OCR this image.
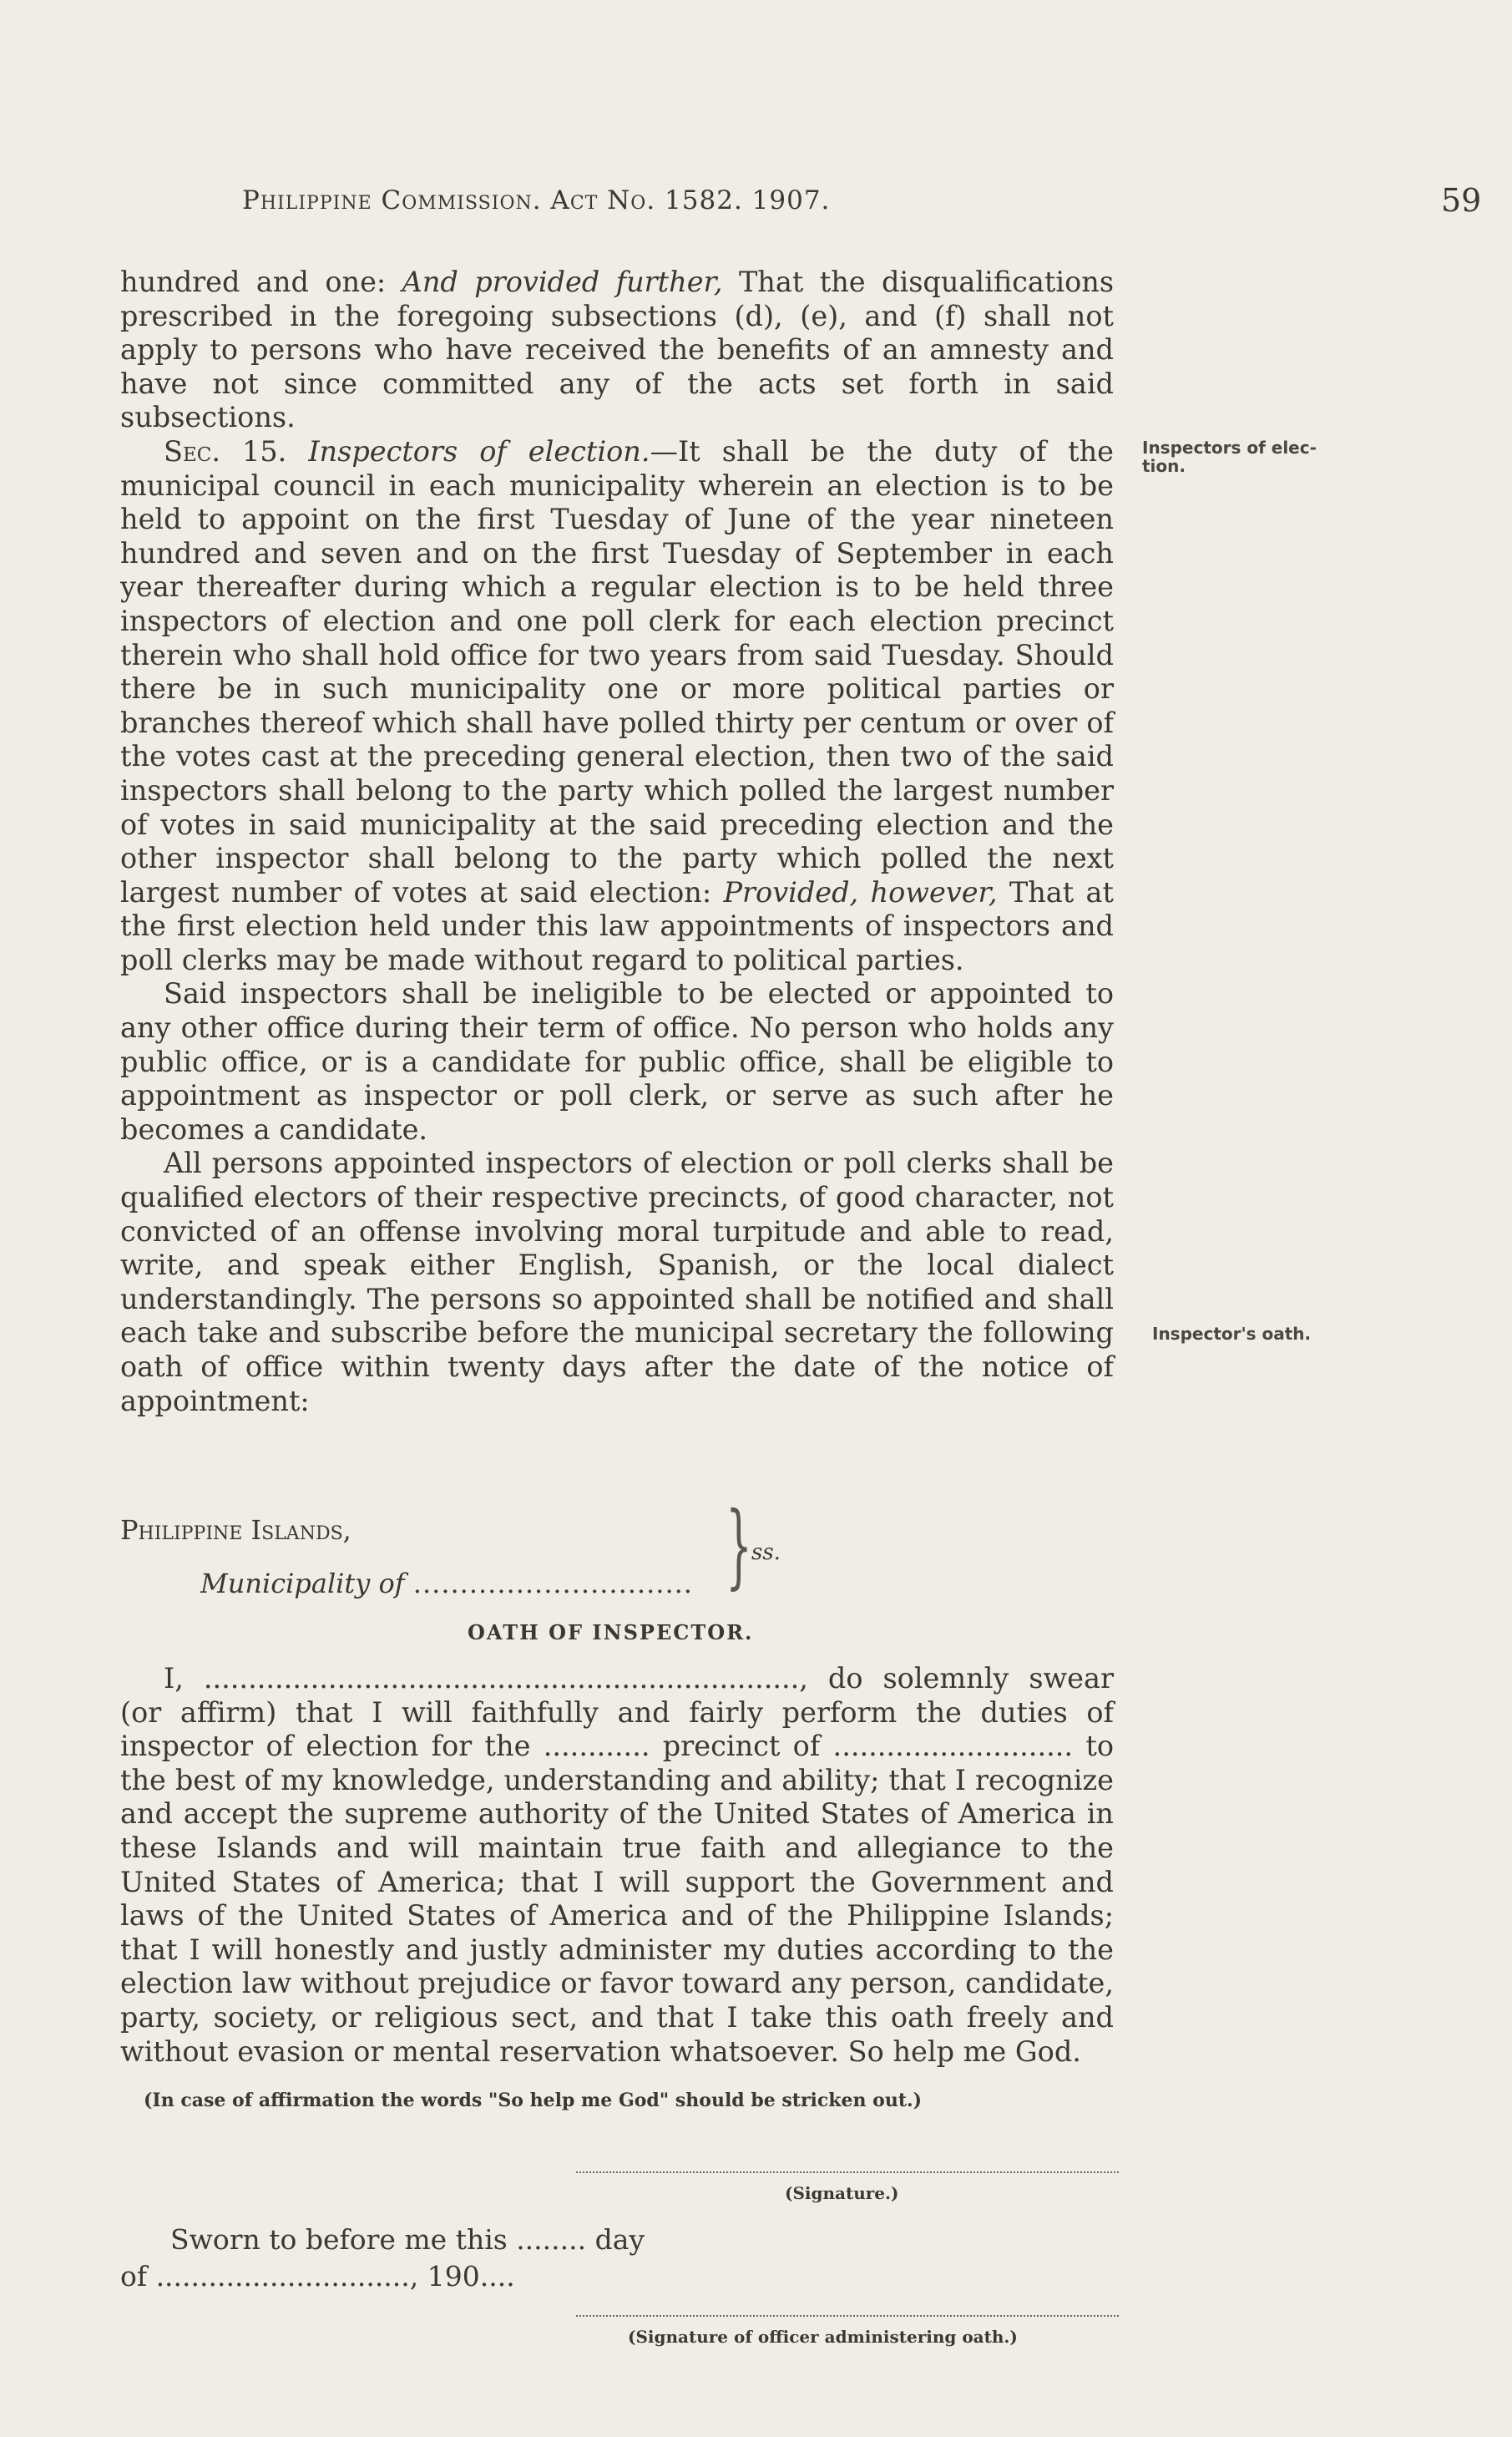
Philippine Commission. Act No. 1582. 1907.	59
Inspectors of elec- tion.
Inspector's oath.

hundred and one: And provided further, That the disqualifications prescribed in the foregoing subsections (d), (e), and (f) shall not apply to persons who have received the benefits of an amnesty and have not since committed any of the acts set forth in said subsections.

Sec. 15. Inspectors of election.—It shall be the duty of the municipal council in each municipality wherein an election is to be held to appoint on the first Tuesday of June of the year nineteen hundred and seven and on the first Tuesday of September in each year thereafter during which a regular election is to be held three inspectors of election and one poll clerk for each election precinct therein who shall hold office for two years from said Tuesday. Should there be in such municipality one or more political parties or branches thereof which shall have polled thirty per centum or over of the votes cast at the preceding general election, then two of the said inspectors shall belong to the party which polled the largest number of votes in said municipality at the said preceding election and the other inspector shall belong to the party which polled the next largest number of votes at said election: Provided, however, That at the first election held under this law appointments of inspectors and poll clerks may be made without regard to political parties.

Said inspectors shall be ineligible to be elected or appointed to any other office during their term of office. No person who holds any public office, or is a candidate for public office, shall be eligible to appointment as inspector or poll clerk, or serve as such after he becomes a candidate.

All persons appointed inspectors of election or poll clerks shall be qualified electors of their respective precincts, of good character, not convicted of an offense involving moral turpitude and able to read, write, and speak either English, Spanish, or the local dialect understandingly. The persons so appointed shall be notified and shall each take and subscribe before the municipal secretary the following oath of office within twenty days after the date of the notice of appointment:

Philippine Islands,
Municipality of .............................. } ss.
OATH OF INSPECTOR.

I, ..................................................................., do solemnly swear (or affirm) that I will faithfully and fairly perform the duties of inspector of election for the ............ precinct of ........................... to the best of my knowledge, understanding and ability; that I recognize and accept the supreme authority of the United States of America in these Islands and will maintain true faith and allegiance to the United States of America; that I will support the Government and laws of the United States of America and of the Philippine Islands; that I will honestly and justly administer my duties according to the election law without prejudice or favor toward any person, candidate, party, society, or religious sect, and that I take this oath freely and without evasion or mental reservation whatsoever. So help me God.

(In case of affirmation the words "So help me God" should be stricken out.)
(Signature.)
Sworn to before me this ........ day
of ............................., 190....
(Signature of officer administering oath.)
